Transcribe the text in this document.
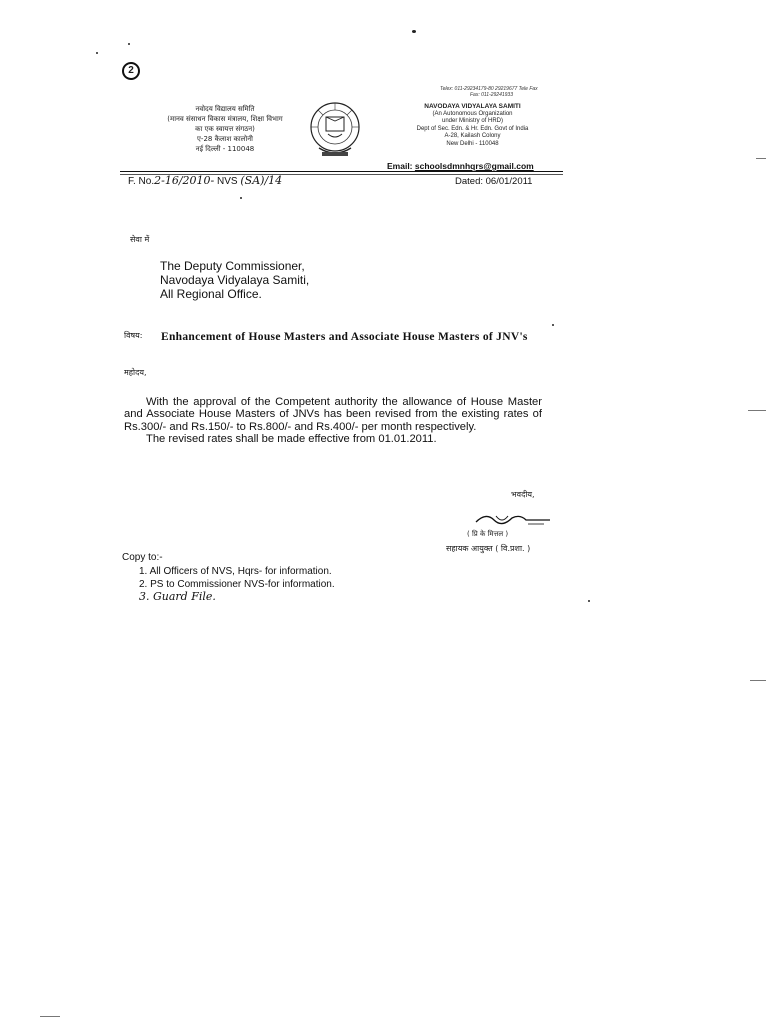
2
Telex: 011-29234179-80 29219677 Tele Fax
Fax: 011-29241933
नवोदय विद्यालय समिति
(मानव संसाधन विकास मंत्रालय, शिक्षा विभाग
का एक स्वायत्त संगठन)
ए-28 कैलाश कालोनी
नई दिल्ली - 110048
NAVODAYA VIDYALAYA SAMITI
(An Autonomous Organization
under Ministry of HRD)
Dept of Sec. Edn. & Hr. Edn. Govt of India
A-28, Kailash Colony
New Delhi - 110048
Email: schoolsdmnhqrs@gmail.com
F. No.2-16/2010- NVS (SA)/14	Dated: 06/01/2011
सेवा में
The Deputy Commissioner,
Navodaya Vidyalaya Samiti,
All Regional Office.
विषय: Enhancement of House Masters and Associate House Masters of JNV's
महोदय,

With the approval of the Competent authority the allowance of House Master and Associate House Masters of JNVs has been revised from the existing rates of Rs.300/- and Rs.150/- to Rs.800/- and Rs.400/- per month respectively.

The revised rates shall be made effective from 01.01.2011.

भवदीय,
( प्रि के मित्तल )
सहायक आयुक्त ( वि.प्रशा. )
Copy to:-
1. All Officers of NVS, Hqrs- for information.
2. PS to Commissioner NVS-for information.
3. Guard File.
